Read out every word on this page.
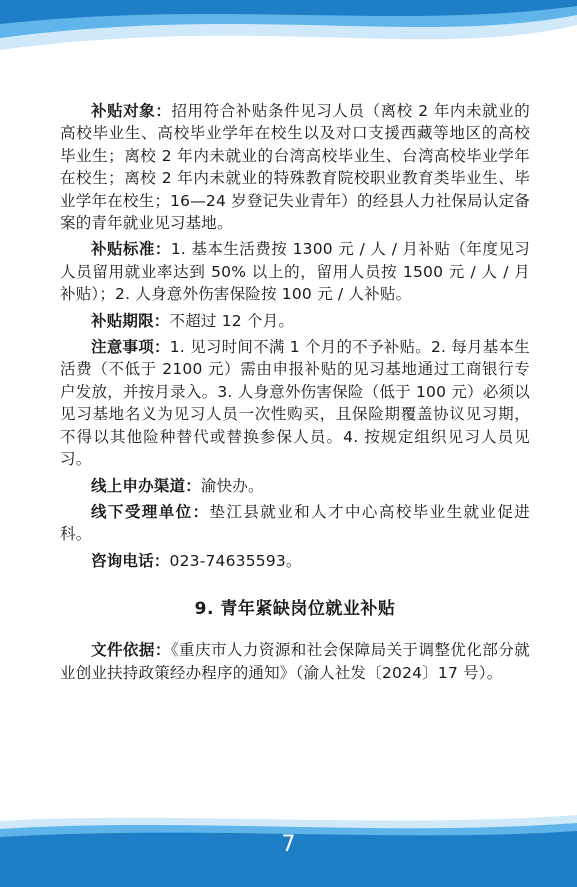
补贴对象：招用符合补贴条件见习人员（离校 2 年内未就业的高校毕业生、高校毕业学年在校生以及对口支援西藏等地区的高校毕业生；离校 2 年内未就业的台湾高校毕业生、台湾高校毕业学年在校生；离校 2 年内未就业的特殊教育院校职业教育类毕业生、毕业学年在校生；16—24 岁登记失业青年）的经县人力社保局认定备案的青年就业见习基地。

补贴标准：1. 基本生活费按 1300 元 / 人 / 月补贴（年度见习人员留用就业率达到 50% 以上的，留用人员按 1500 元 / 人 / 月补贴）；2. 人身意外伤害保险按 100 元 / 人补贴。

补贴期限：不超过 12 个月。

注意事项：1. 见习时间不满 1 个月的不予补贴。2. 每月基本生活费（不低于 2100 元）需由申报补贴的见习基地通过工商银行专户发放，并按月录入。3. 人身意外伤害保险（低于 100 元）必须以见习基地名义为见习人员一次性购买，且保险期覆盖协议见习期，不得以其他险种替代或替换参保人员。4. 按规定组织见习人员见习。

线上申办渠道：渝快办。

线下受理单位：垫江县就业和人才中心高校毕业生就业促进科。

咨询电话：023-74635593。

9. 青年紧缺岗位就业补贴

文件依据：《重庆市人力资源和社会保障局关于调整优化部分就业创业扶持政策经办程序的通知》（渝人社发〔2024〕17 号）。

7
